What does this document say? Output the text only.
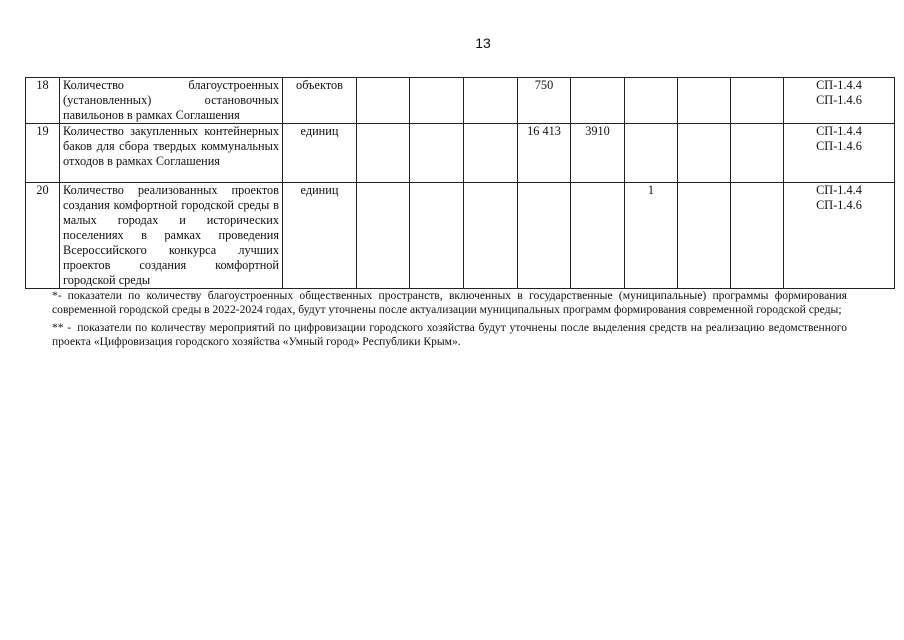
13
18	Количество благоустроенных (установленных) остановочных павильонов в рамках Соглашения	объектов				750					СП-1.4.4
СП-1.4.6

19	Количество закупленных контейнерных баков для сбора твердых коммунальных отходов в рамках Соглашения	единиц				16 413	3910				СП-1.4.4
СП-1.4.6

20	Количество реализованных проектов создания комфортной городской среды в малых городах и исторических поселениях в рамках проведения Всероссийского конкурса лучших проектов создания комфортной городской среды	единиц						1			СП-1.4.4
СП-1.4.6

*- показатели по количеству благоустроенных общественных пространств, включенных в государственные (муниципальные) программы формирования современной городской среды в 2022-2024 годах, будут уточнены после актуализации муниципальных программ формирования современной городской среды;

** - показатели по количеству мероприятий по цифровизации городского хозяйства будут уточнены после выделения средств на реализацию ведомственного проекта «Цифровизация городского хозяйства «Умный город» Республики Крым».
